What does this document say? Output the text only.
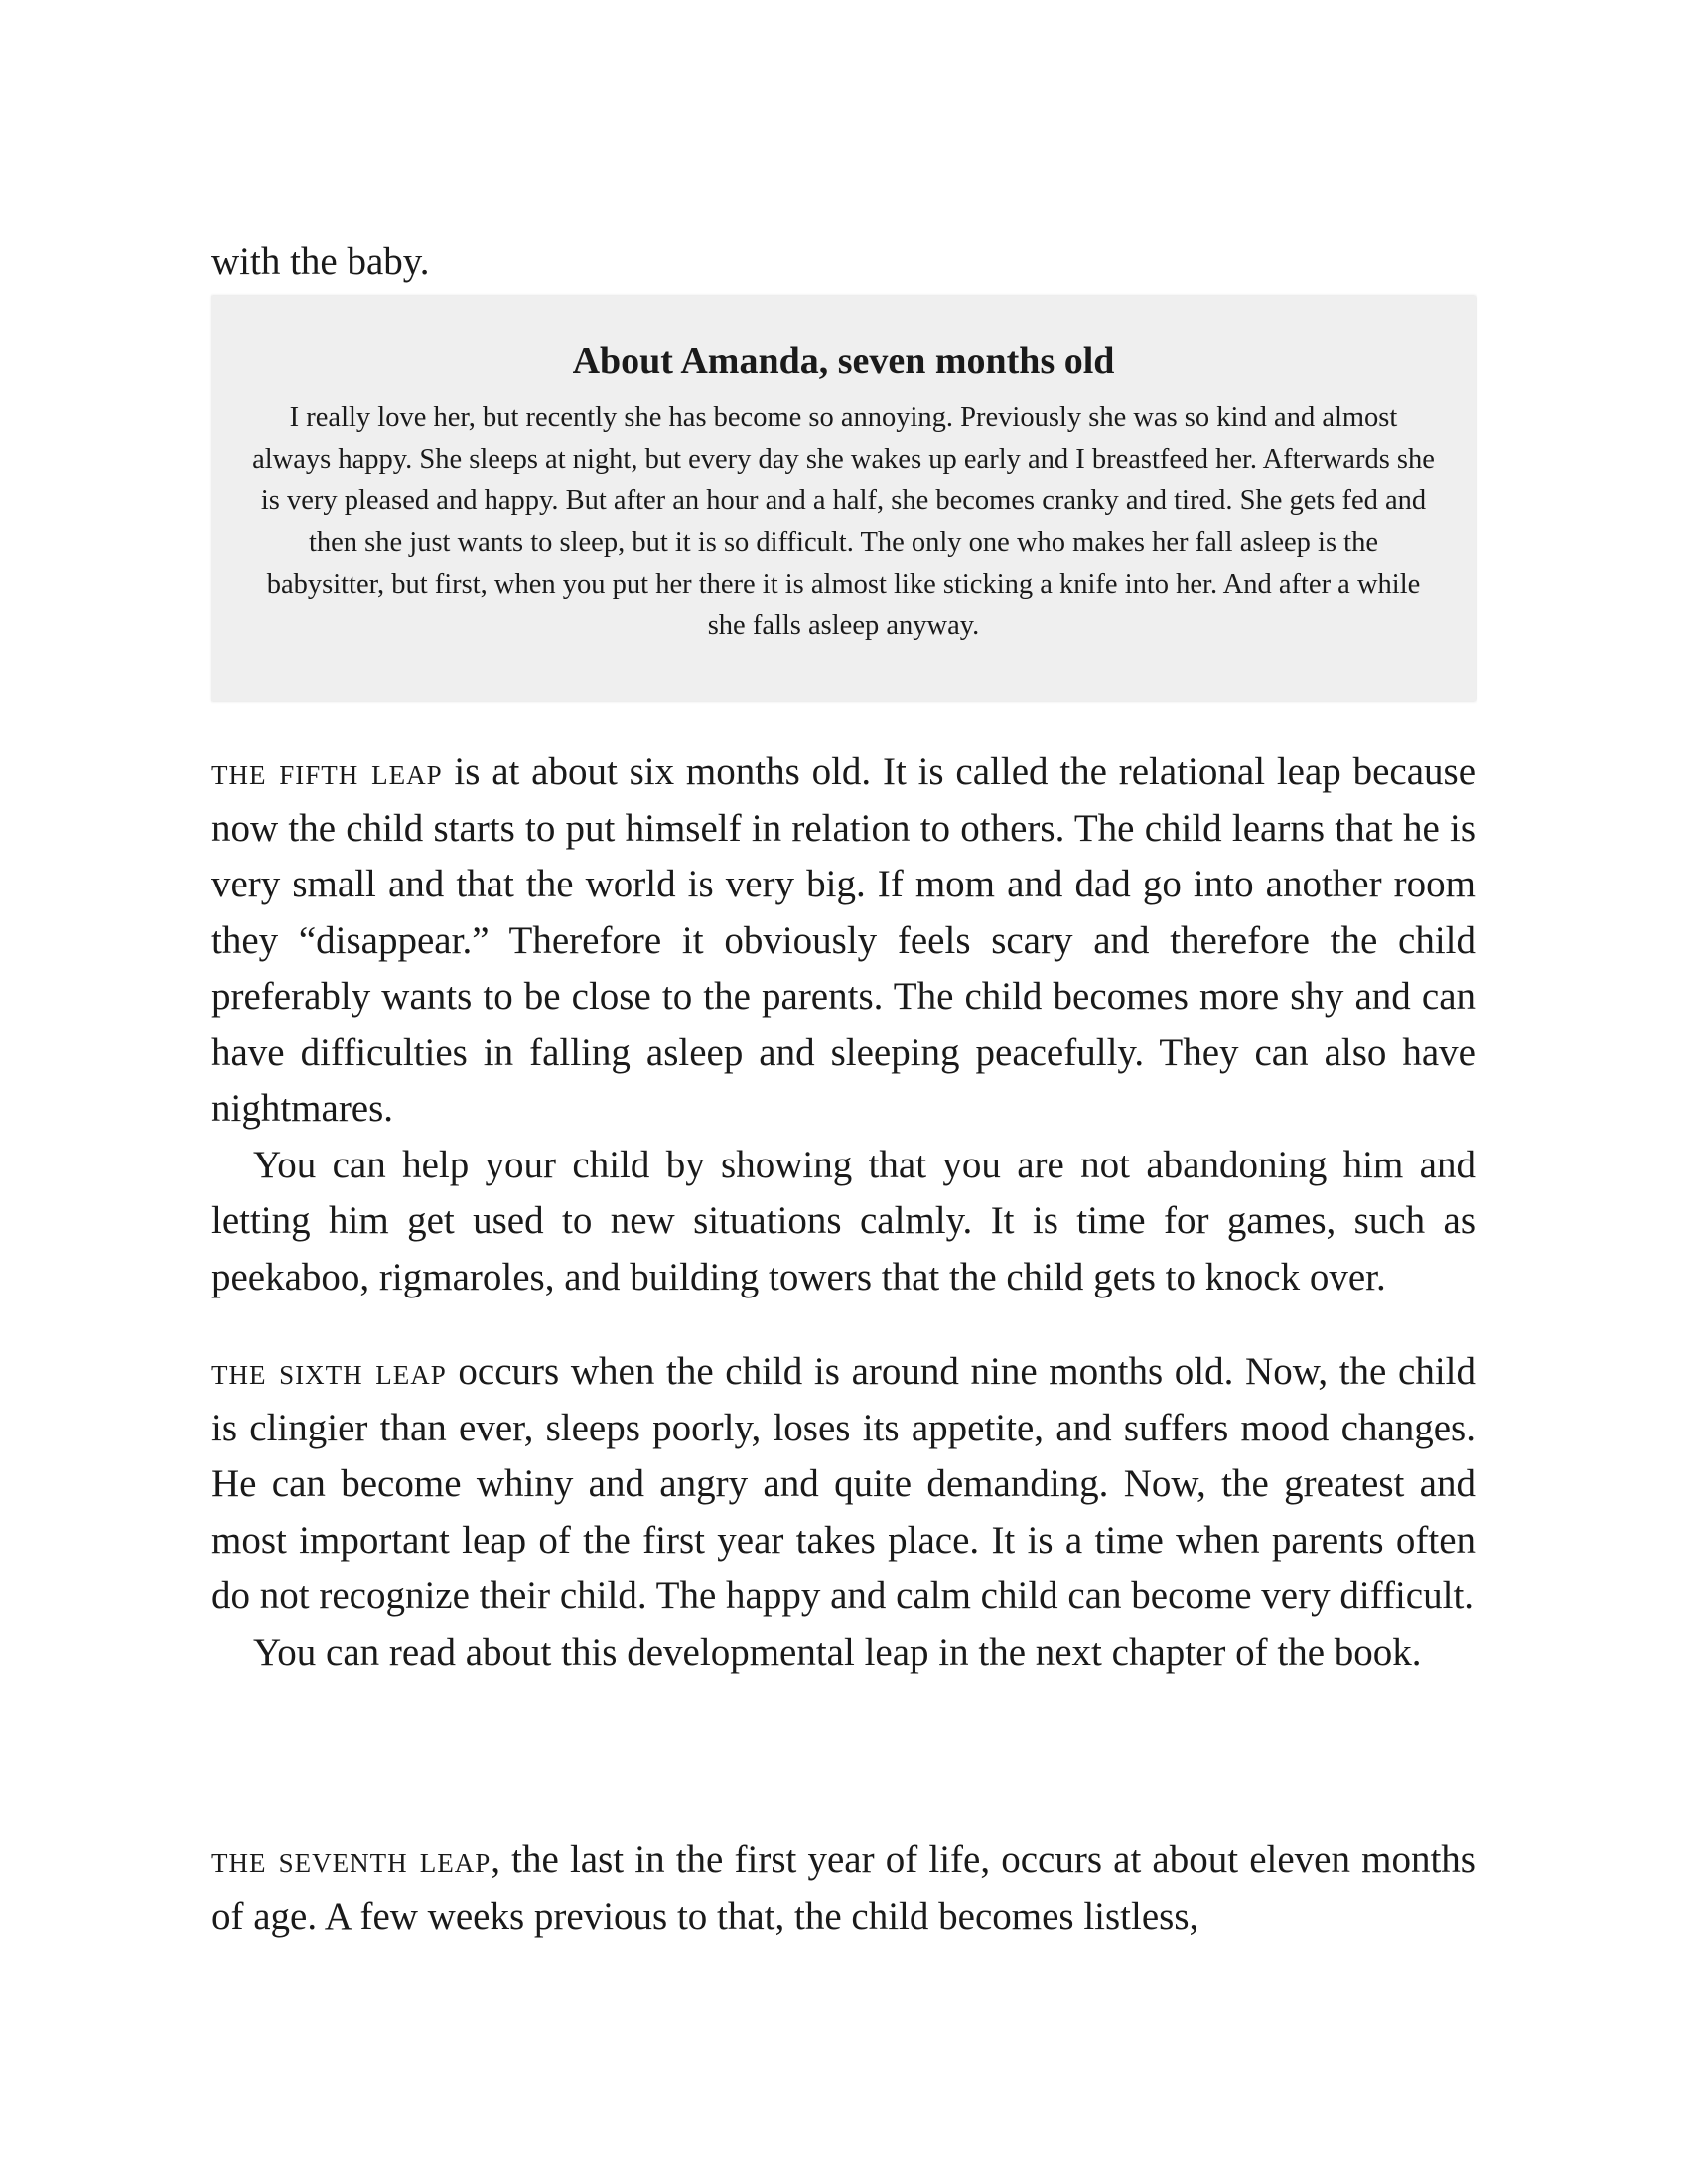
with the baby.

About Amanda, seven months old

I really love her, but recently she has become so annoying. Previously she was so kind and almost always happy. She sleeps at night, but every day she wakes up early and I breastfeed her. Afterwards she is very pleased and happy. But after an hour and a half, she becomes cranky and tired. She gets fed and then she just wants to sleep, but it is so difficult. The only one who makes her fall asleep is the babysitter, but first, when you put her there it is almost like sticking a knife into her. And after a while she falls asleep anyway.

the fifth leap is at about six months old. It is called the relational leap because now the child starts to put himself in relation to others. The child learns that he is very small and that the world is very big. If mom and dad go into another room they “disappear.” Therefore it obviously feels scary and therefore the child preferably wants to be close to the parents. The child becomes more shy and can have difficulties in falling asleep and sleeping peacefully. They can also have nightmares.

You can help your child by showing that you are not abandoning him and letting him get used to new situations calmly. It is time for games, such as peekaboo, rigmaroles, and building towers that the child gets to knock over.

the sixth leap occurs when the child is around nine months old. Now, the child is clingier than ever, sleeps poorly, loses its appetite, and suffers mood changes. He can become whiny and angry and quite demanding. Now, the greatest and most important leap of the first year takes place. It is a time when parents often do not recognize their child. The happy and calm child can become very difficult.

You can read about this developmental leap in the next chapter of the book.

the seventh leap, the last in the first year of life, occurs at about eleven months of age. A few weeks previous to that, the child becomes listless,
